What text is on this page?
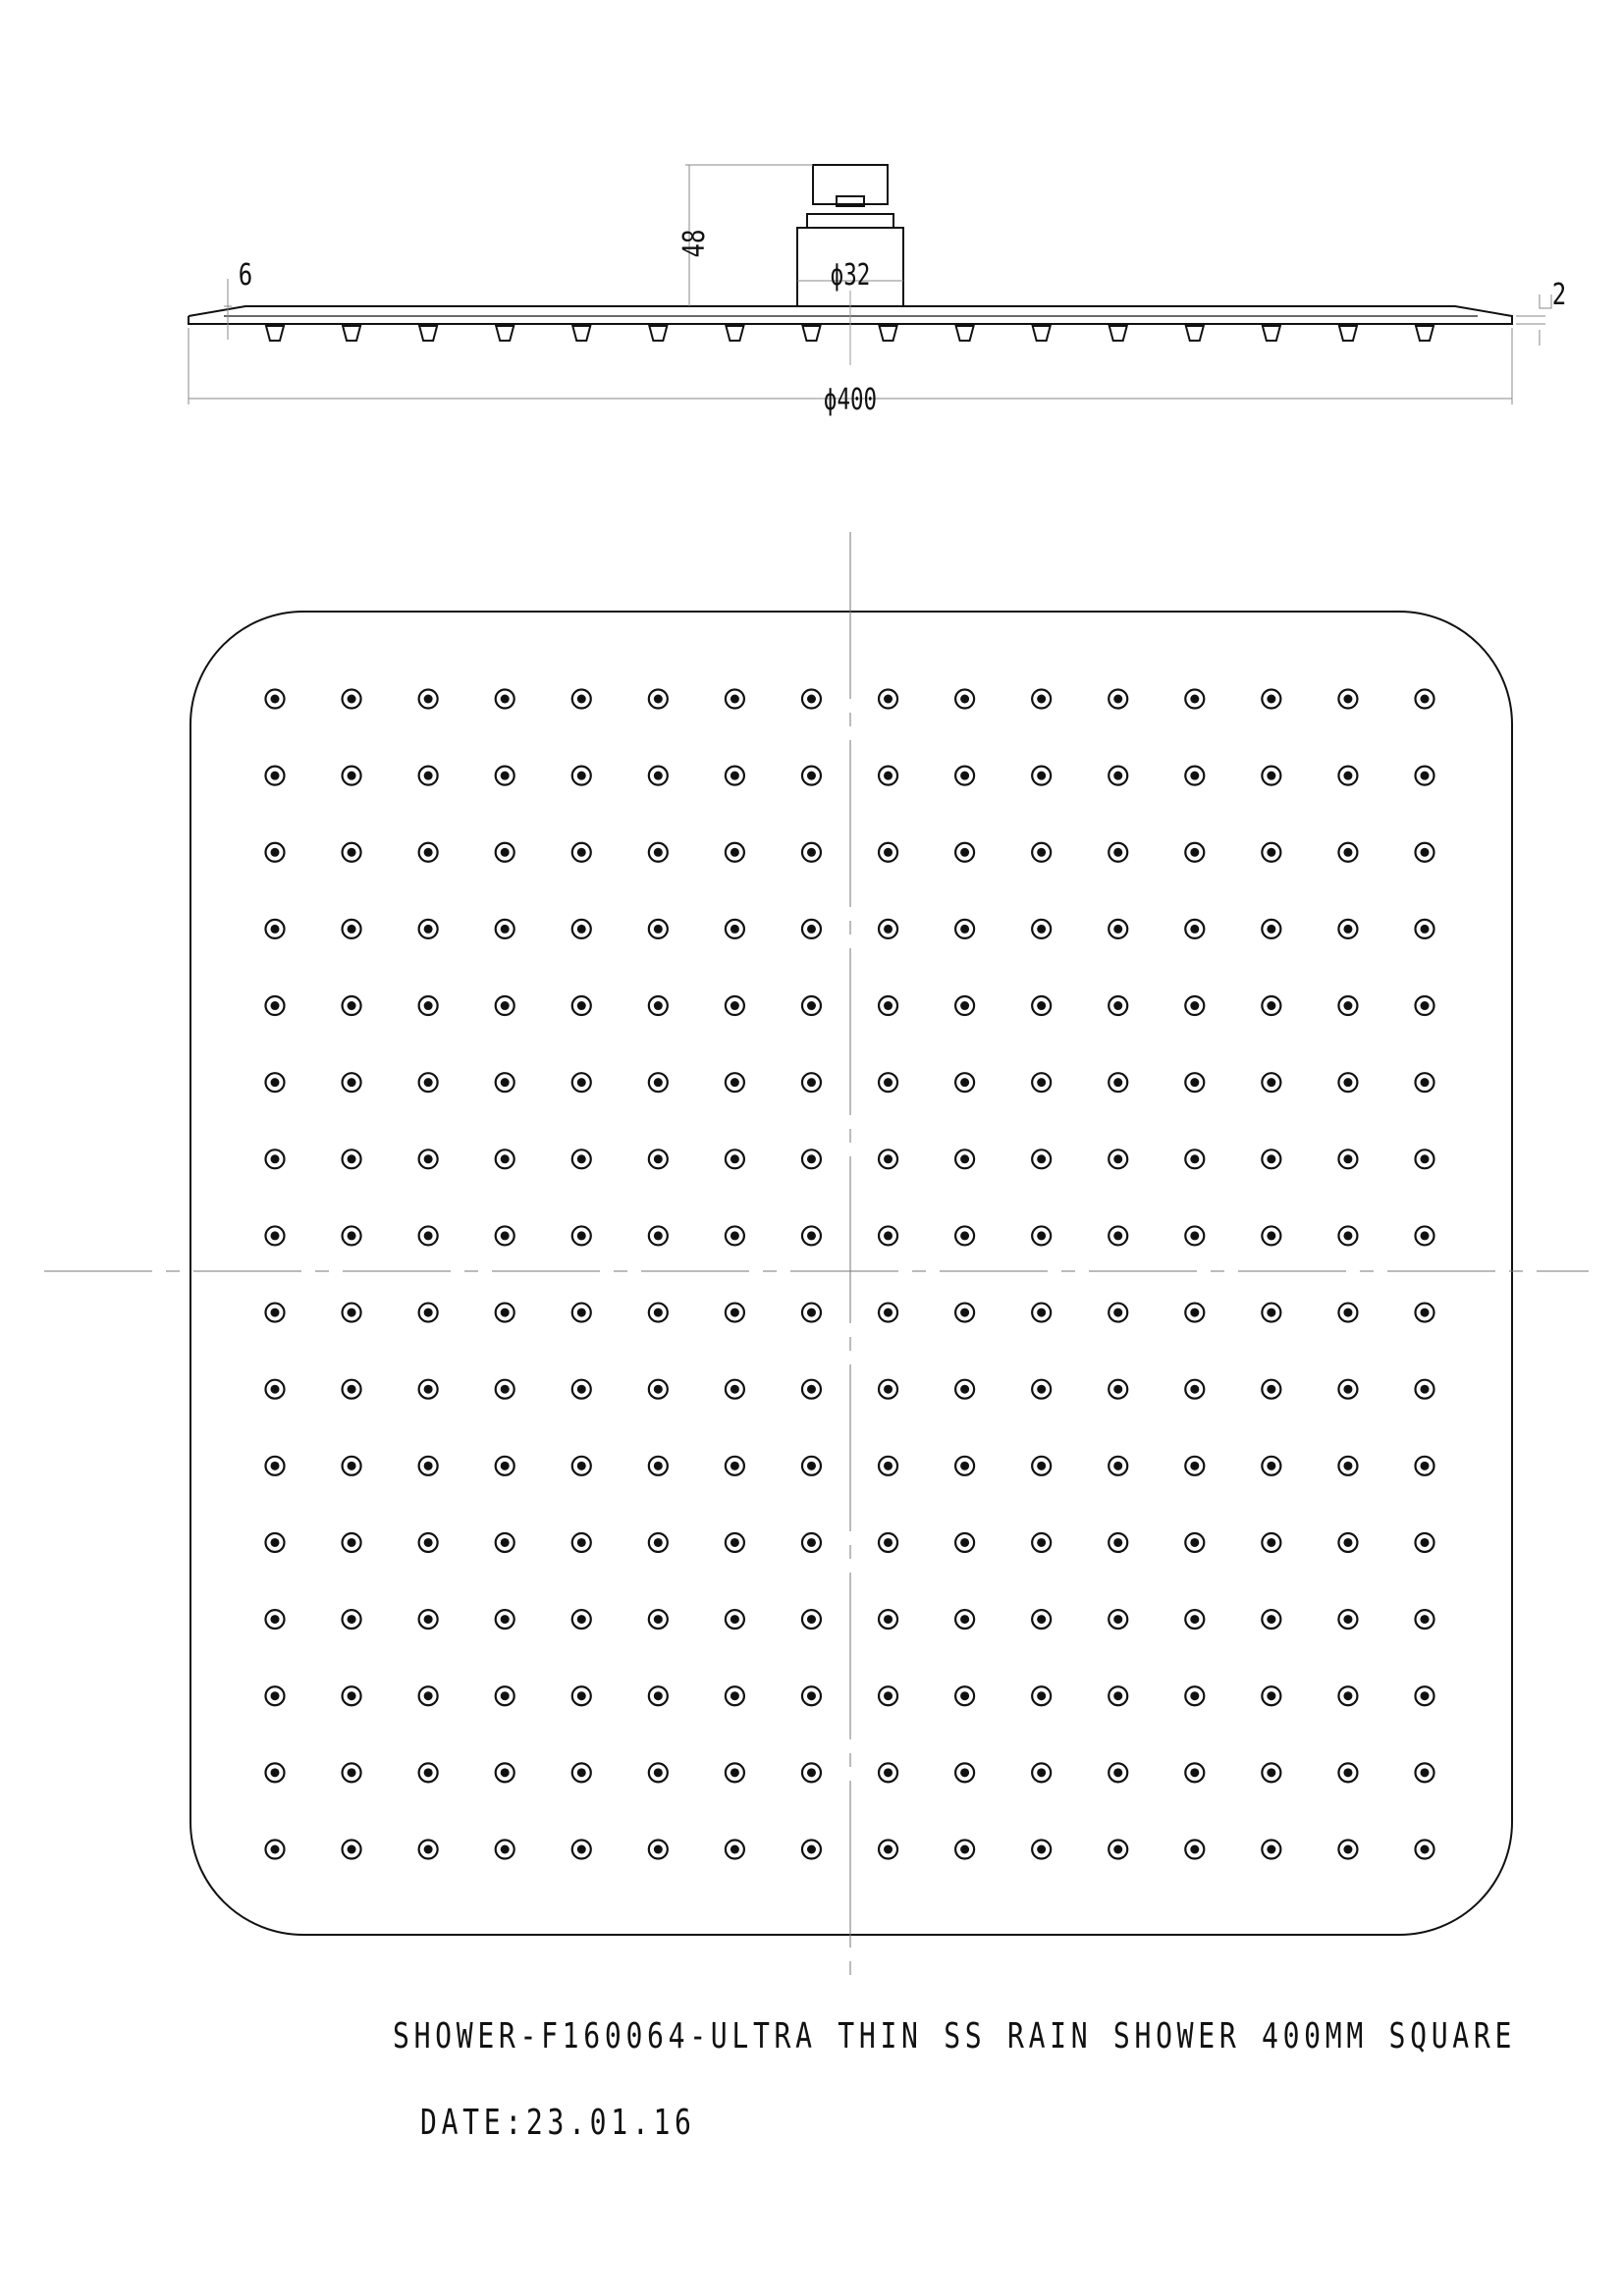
ϕ400
ϕ32
48
6
2
SHOWER-F160064-ULTRA THIN SS RAIN SHOWER 400MM SQUARE
DATE:23.01.16
